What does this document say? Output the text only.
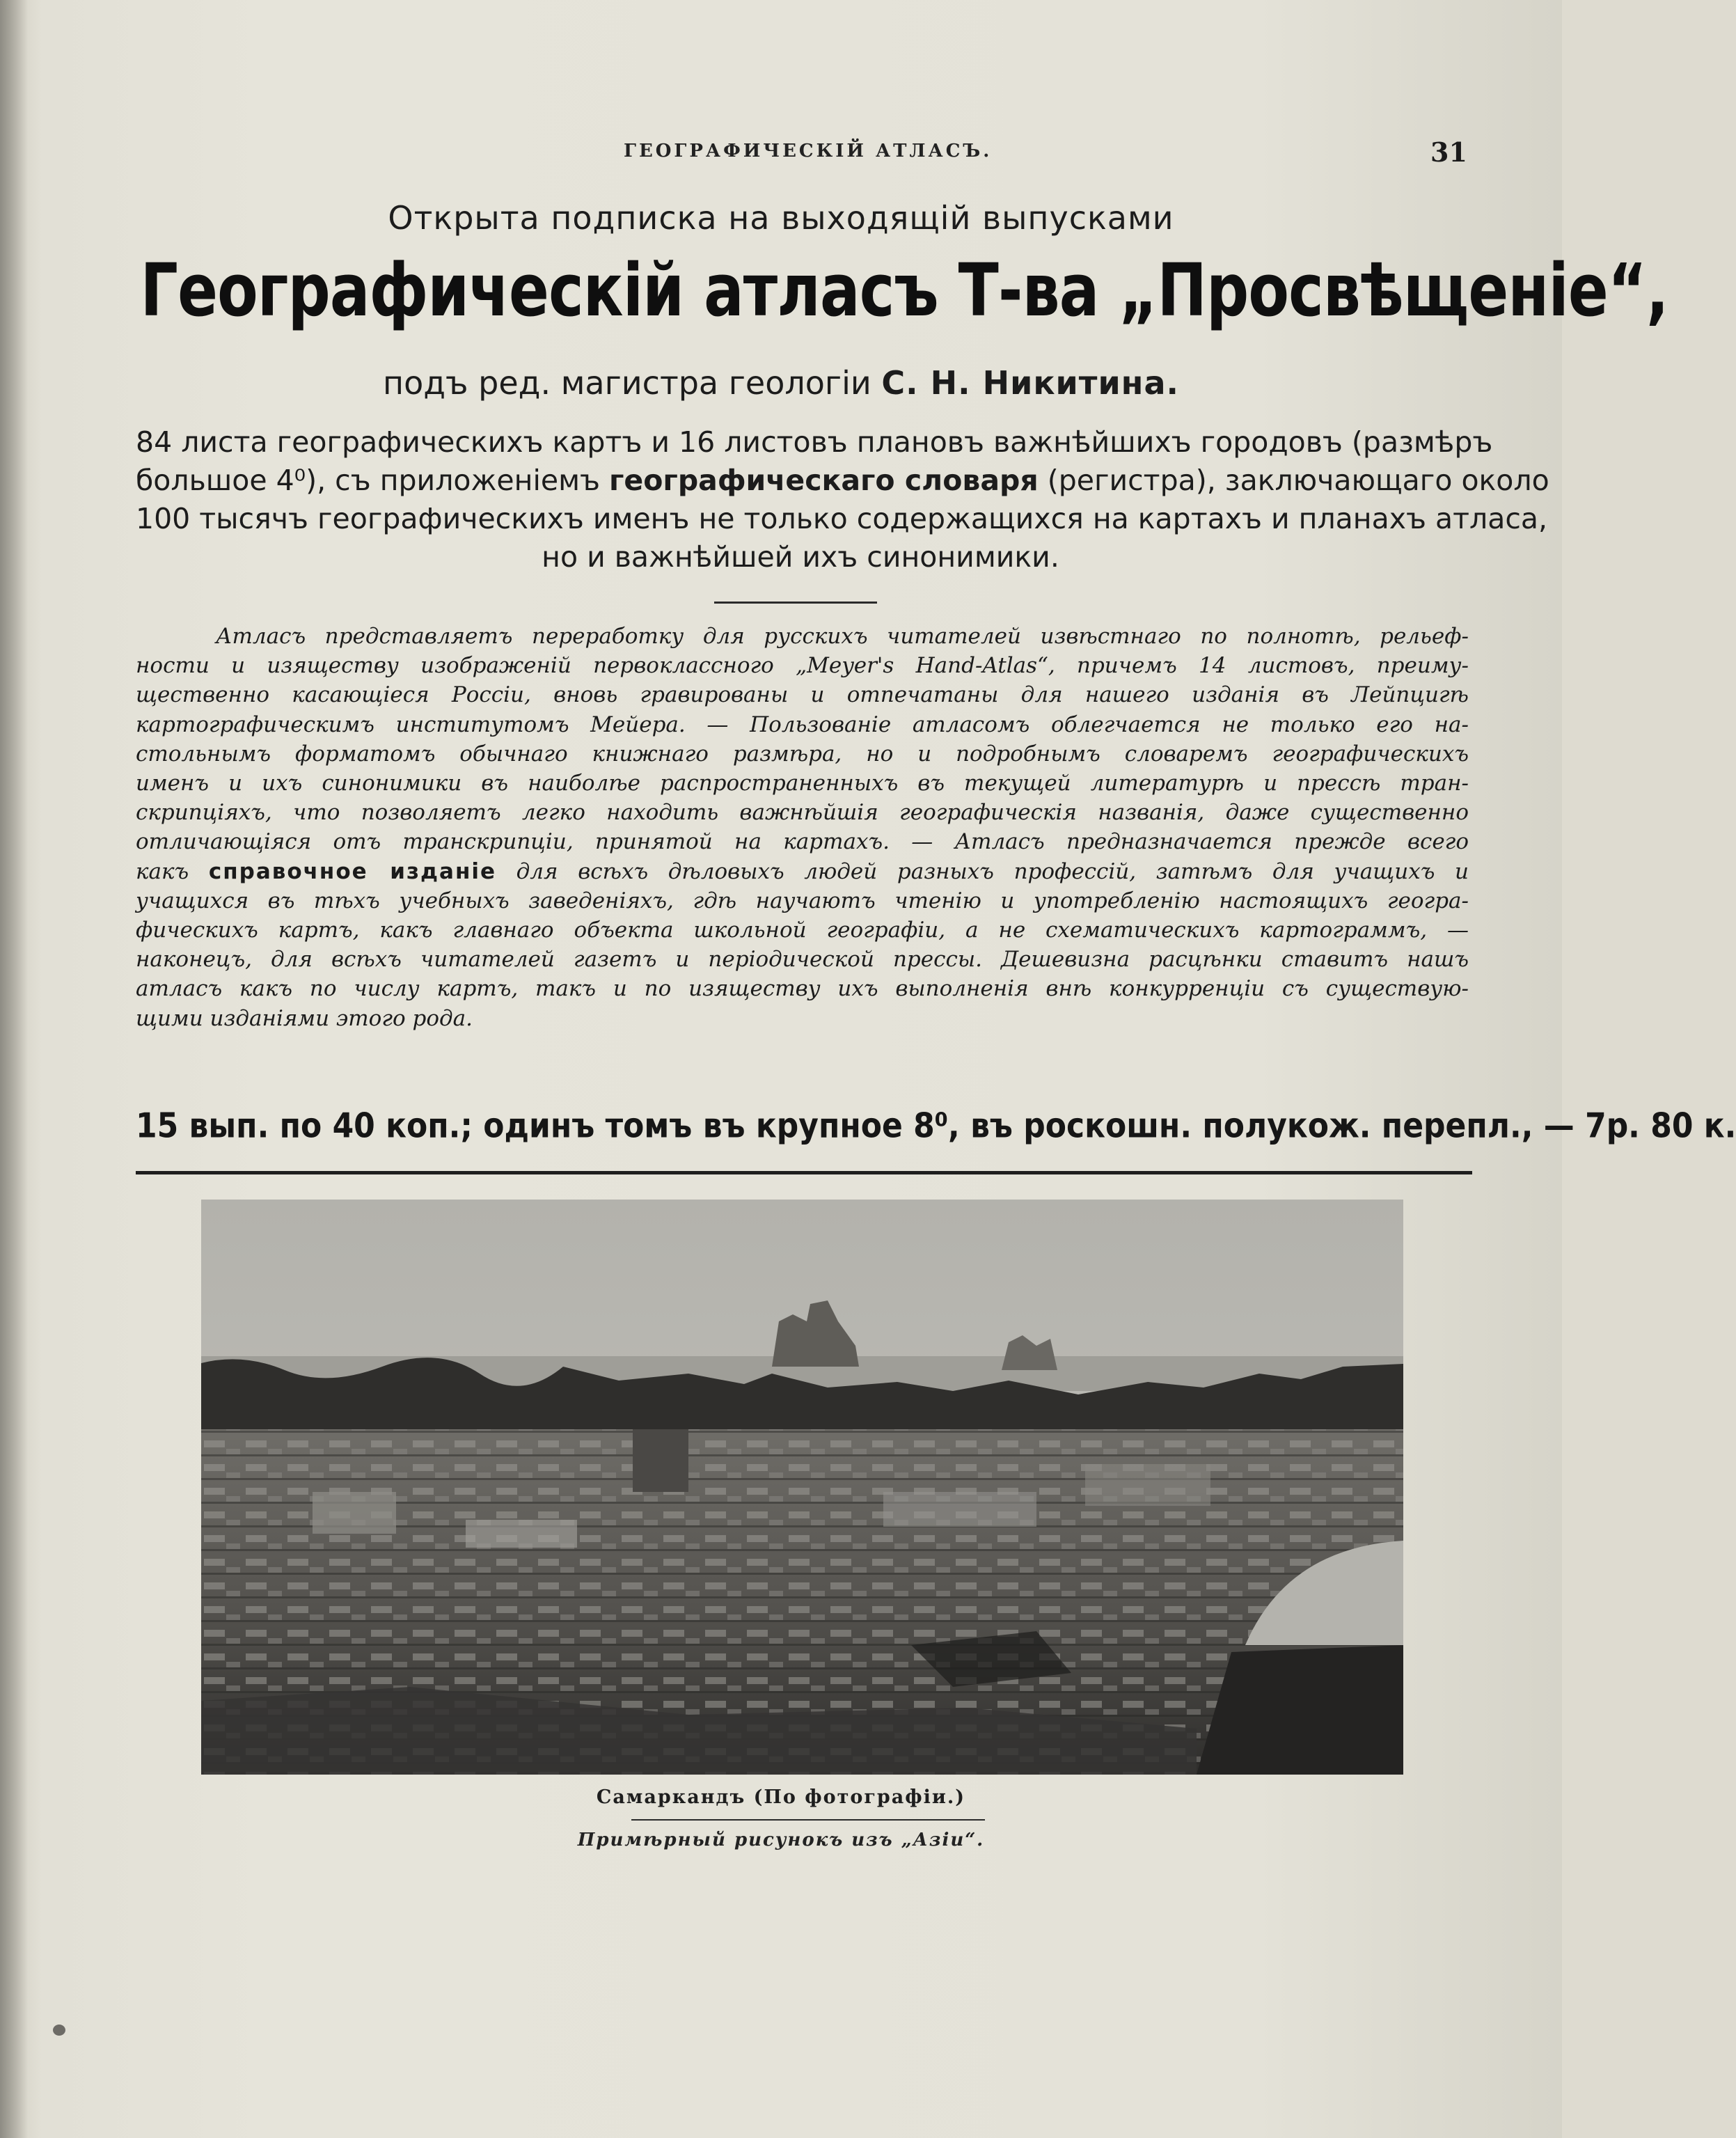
ГЕОГРАФИЧЕСКІЙ АТЛАСЪ.	31
Открыта подписка на выходящій выпусками
Географическій атласъ Т-ва „Просвѣщеніе“,
подъ ред. магистра геологіи С. Н. Никитина.
84 листа географическихъ картъ и 16 листовъ плановъ важнѣйшихъ городовъ (размѣръ
большое 4⁰), съ приложеніемъ географическаго словаря (регистра), заключающаго около
100 тысячъ географическихъ именъ не только содержащихся на картахъ и планахъ атласа,
но и важнѣйшей ихъ синонимики.
Атласъ представляетъ переработку для русскихъ читателей извѣстнаго по полнотѣ, рельеф-
ности и изяществу изображеній первоклассного „Meyer's Hand-Atlas“, причемъ 14 листовъ, преиму-
щественно касающіеся Россіи, вновь гравированы и отпечатаны для нашего изданія въ Лейпцигѣ
картографическимъ институтомъ Мейера. — Пользованіе атласомъ облегчается не только его на-
стольнымъ форматомъ обычнаго книжнаго размѣра, но и подробнымъ словаремъ географическихъ
именъ и ихъ синонимики въ наиболѣе распространенныхъ въ текущей литературѣ и прессѣ тран-
скрипціяхъ, что позволяетъ легко находить важнѣйшія географическія названія, даже существенно
отличающіяся отъ транскрипціи, принятой на картахъ. — Атласъ предназначается прежде всего
какъ справочное изданіе для всѣхъ дѣловыхъ людей разныхъ профессій, затѣмъ для учащихъ и
учащихся въ тѣхъ учебныхъ заведеніяхъ, гдѣ научаютъ чтенію и употребленію настоящихъ геогра-
фическихъ картъ, какъ главнаго объекта школьной географіи, а не схематическихъ картограммъ, —
наконецъ, для всѣхъ читателей газетъ и періодической прессы. Дешевизна расцѣнки ставитъ нашъ
атласъ какъ по числу картъ, такъ и по изяществу ихъ выполненія внѣ конкурренціи съ существую-
щими изданіями этого рода.
15 вып. по 40 коп.; одинъ томъ въ крупное 8⁰, въ роскошн. полукож. перепл., — 7р. 80 к.
Самаркандъ (По фотографіи.)
Примѣрный рисунокъ изъ „Азіи“.
